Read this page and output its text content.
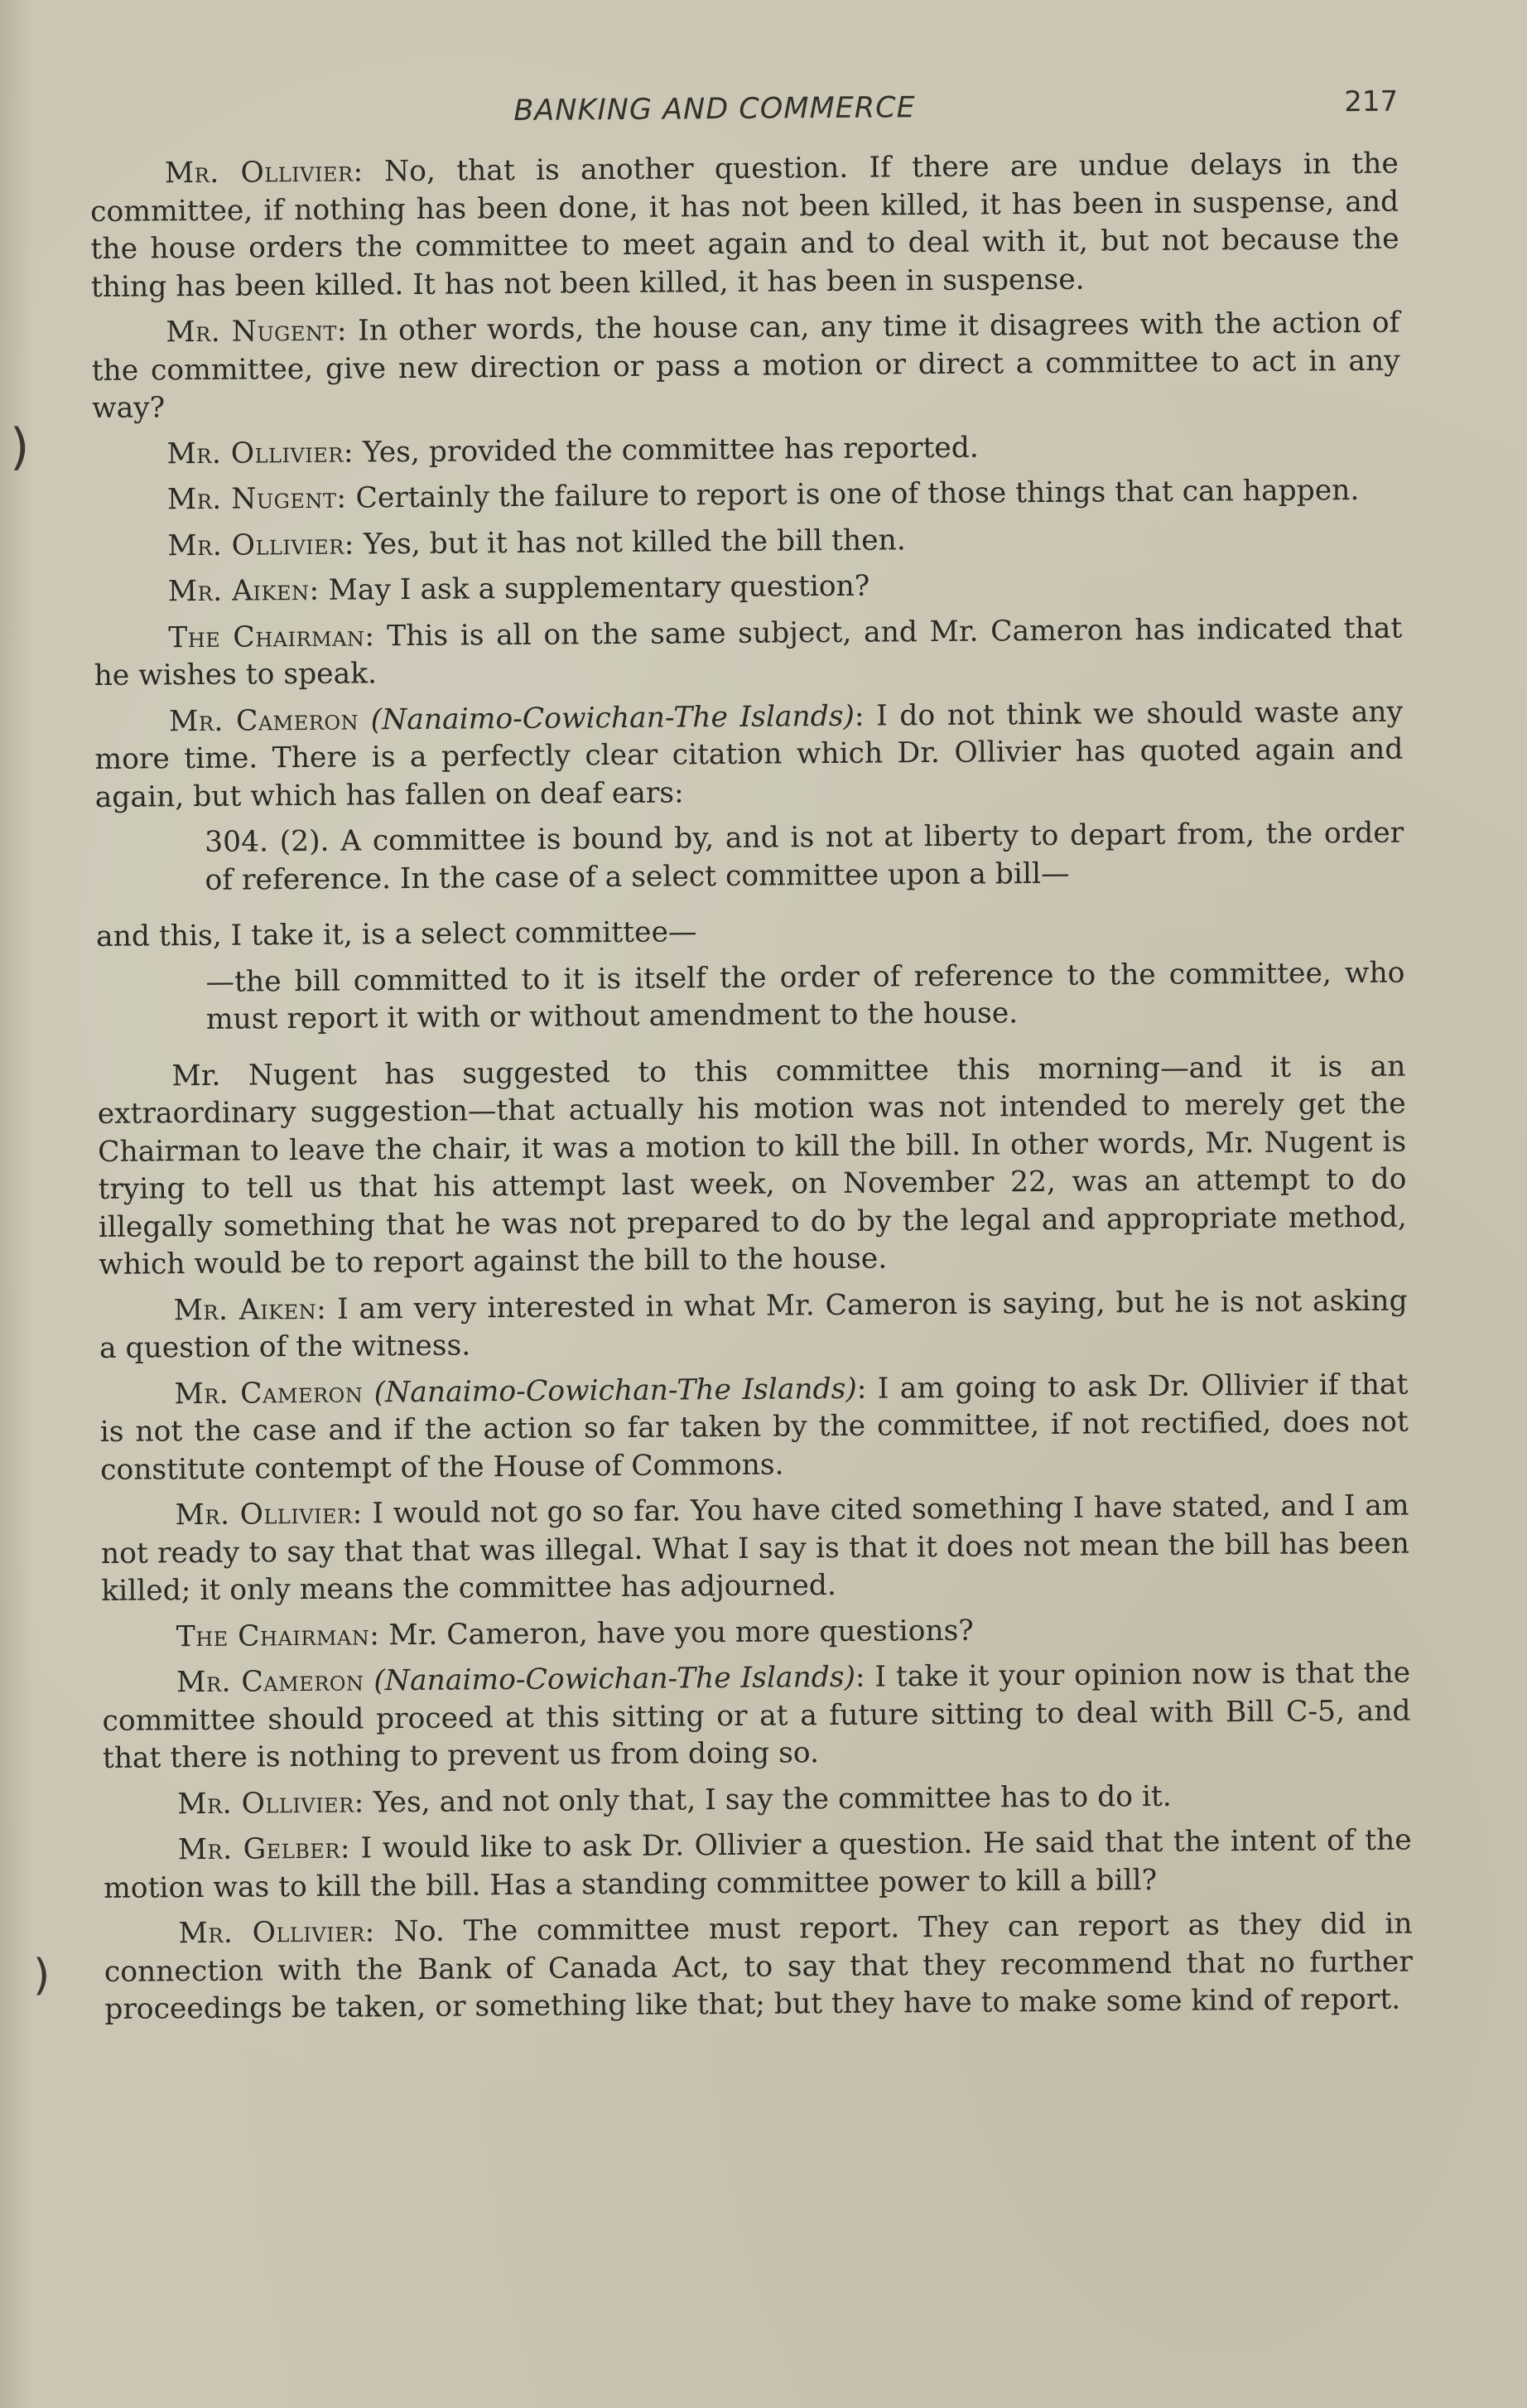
)
)
BANKING AND COMMERCE	217

Mr. Ollivier: No, that is another question. If there are undue delays in the committee, if nothing has been done, it has not been killed, it has been in suspense, and the house orders the committee to meet again and to deal with it, but not because the thing has been killed. It has not been killed, it has been in suspense.

Mr. Nugent: In other words, the house can, any time it disagrees with the action of the committee, give new direction or pass a motion or direct a committee to act in any way?

Mr. Ollivier: Yes, provided the committee has reported.

Mr. Nugent: Certainly the failure to report is one of those things that can happen.

Mr. Ollivier: Yes, but it has not killed the bill then.

Mr. Aiken: May I ask a supplementary question?

The Chairman: This is all on the same subject, and Mr. Cameron has indicated that he wishes to speak.

Mr. Cameron (Nanaimo-Cowichan-The Islands): I do not think we should waste any more time. There is a perfectly clear citation which Dr. Ollivier has quoted again and again, but which has fallen on deaf ears:

304. (2). A committee is bound by, and is not at liberty to depart from, the order of reference. In the case of a select committee upon a bill—

and this, I take it, is a select committee—

—the bill committed to it is itself the order of reference to the committee, who must report it with or without amendment to the house.

Mr. Nugent has suggested to this committee this morning—and it is an extraordinary suggestion—that actually his motion was not intended to merely get the Chairman to leave the chair, it was a motion to kill the bill. In other words, Mr. Nugent is trying to tell us that his attempt last week, on November 22, was an attempt to do illegally something that he was not prepared to do by the legal and appropriate method, which would be to report against the bill to the house.

Mr. Aiken: I am very interested in what Mr. Cameron is saying, but he is not asking a question of the witness.

Mr. Cameron (Nanaimo-Cowichan-The Islands): I am going to ask Dr. Ollivier if that is not the case and if the action so far taken by the committee, if not rectified, does not constitute contempt of the House of Commons.

Mr. Ollivier: I would not go so far. You have cited something I have stated, and I am not ready to say that that was illegal. What I say is that it does not mean the bill has been killed; it only means the committee has adjourned.

The Chairman: Mr. Cameron, have you more questions?

Mr. Cameron (Nanaimo-Cowichan-The Islands): I take it your opinion now is that the committee should proceed at this sitting or at a future sitting to deal with Bill C-5, and that there is nothing to prevent us from doing so.

Mr. Ollivier: Yes, and not only that, I say the committee has to do it.

Mr. Gelber: I would like to ask Dr. Ollivier a question. He said that the intent of the motion was to kill the bill. Has a standing committee power to kill a bill?

Mr. Ollivier: No. The committee must report. They can report as they did in connection with the Bank of Canada Act, to say that they recommend that no further proceedings be taken, or something like that; but they have to make some kind of report.
